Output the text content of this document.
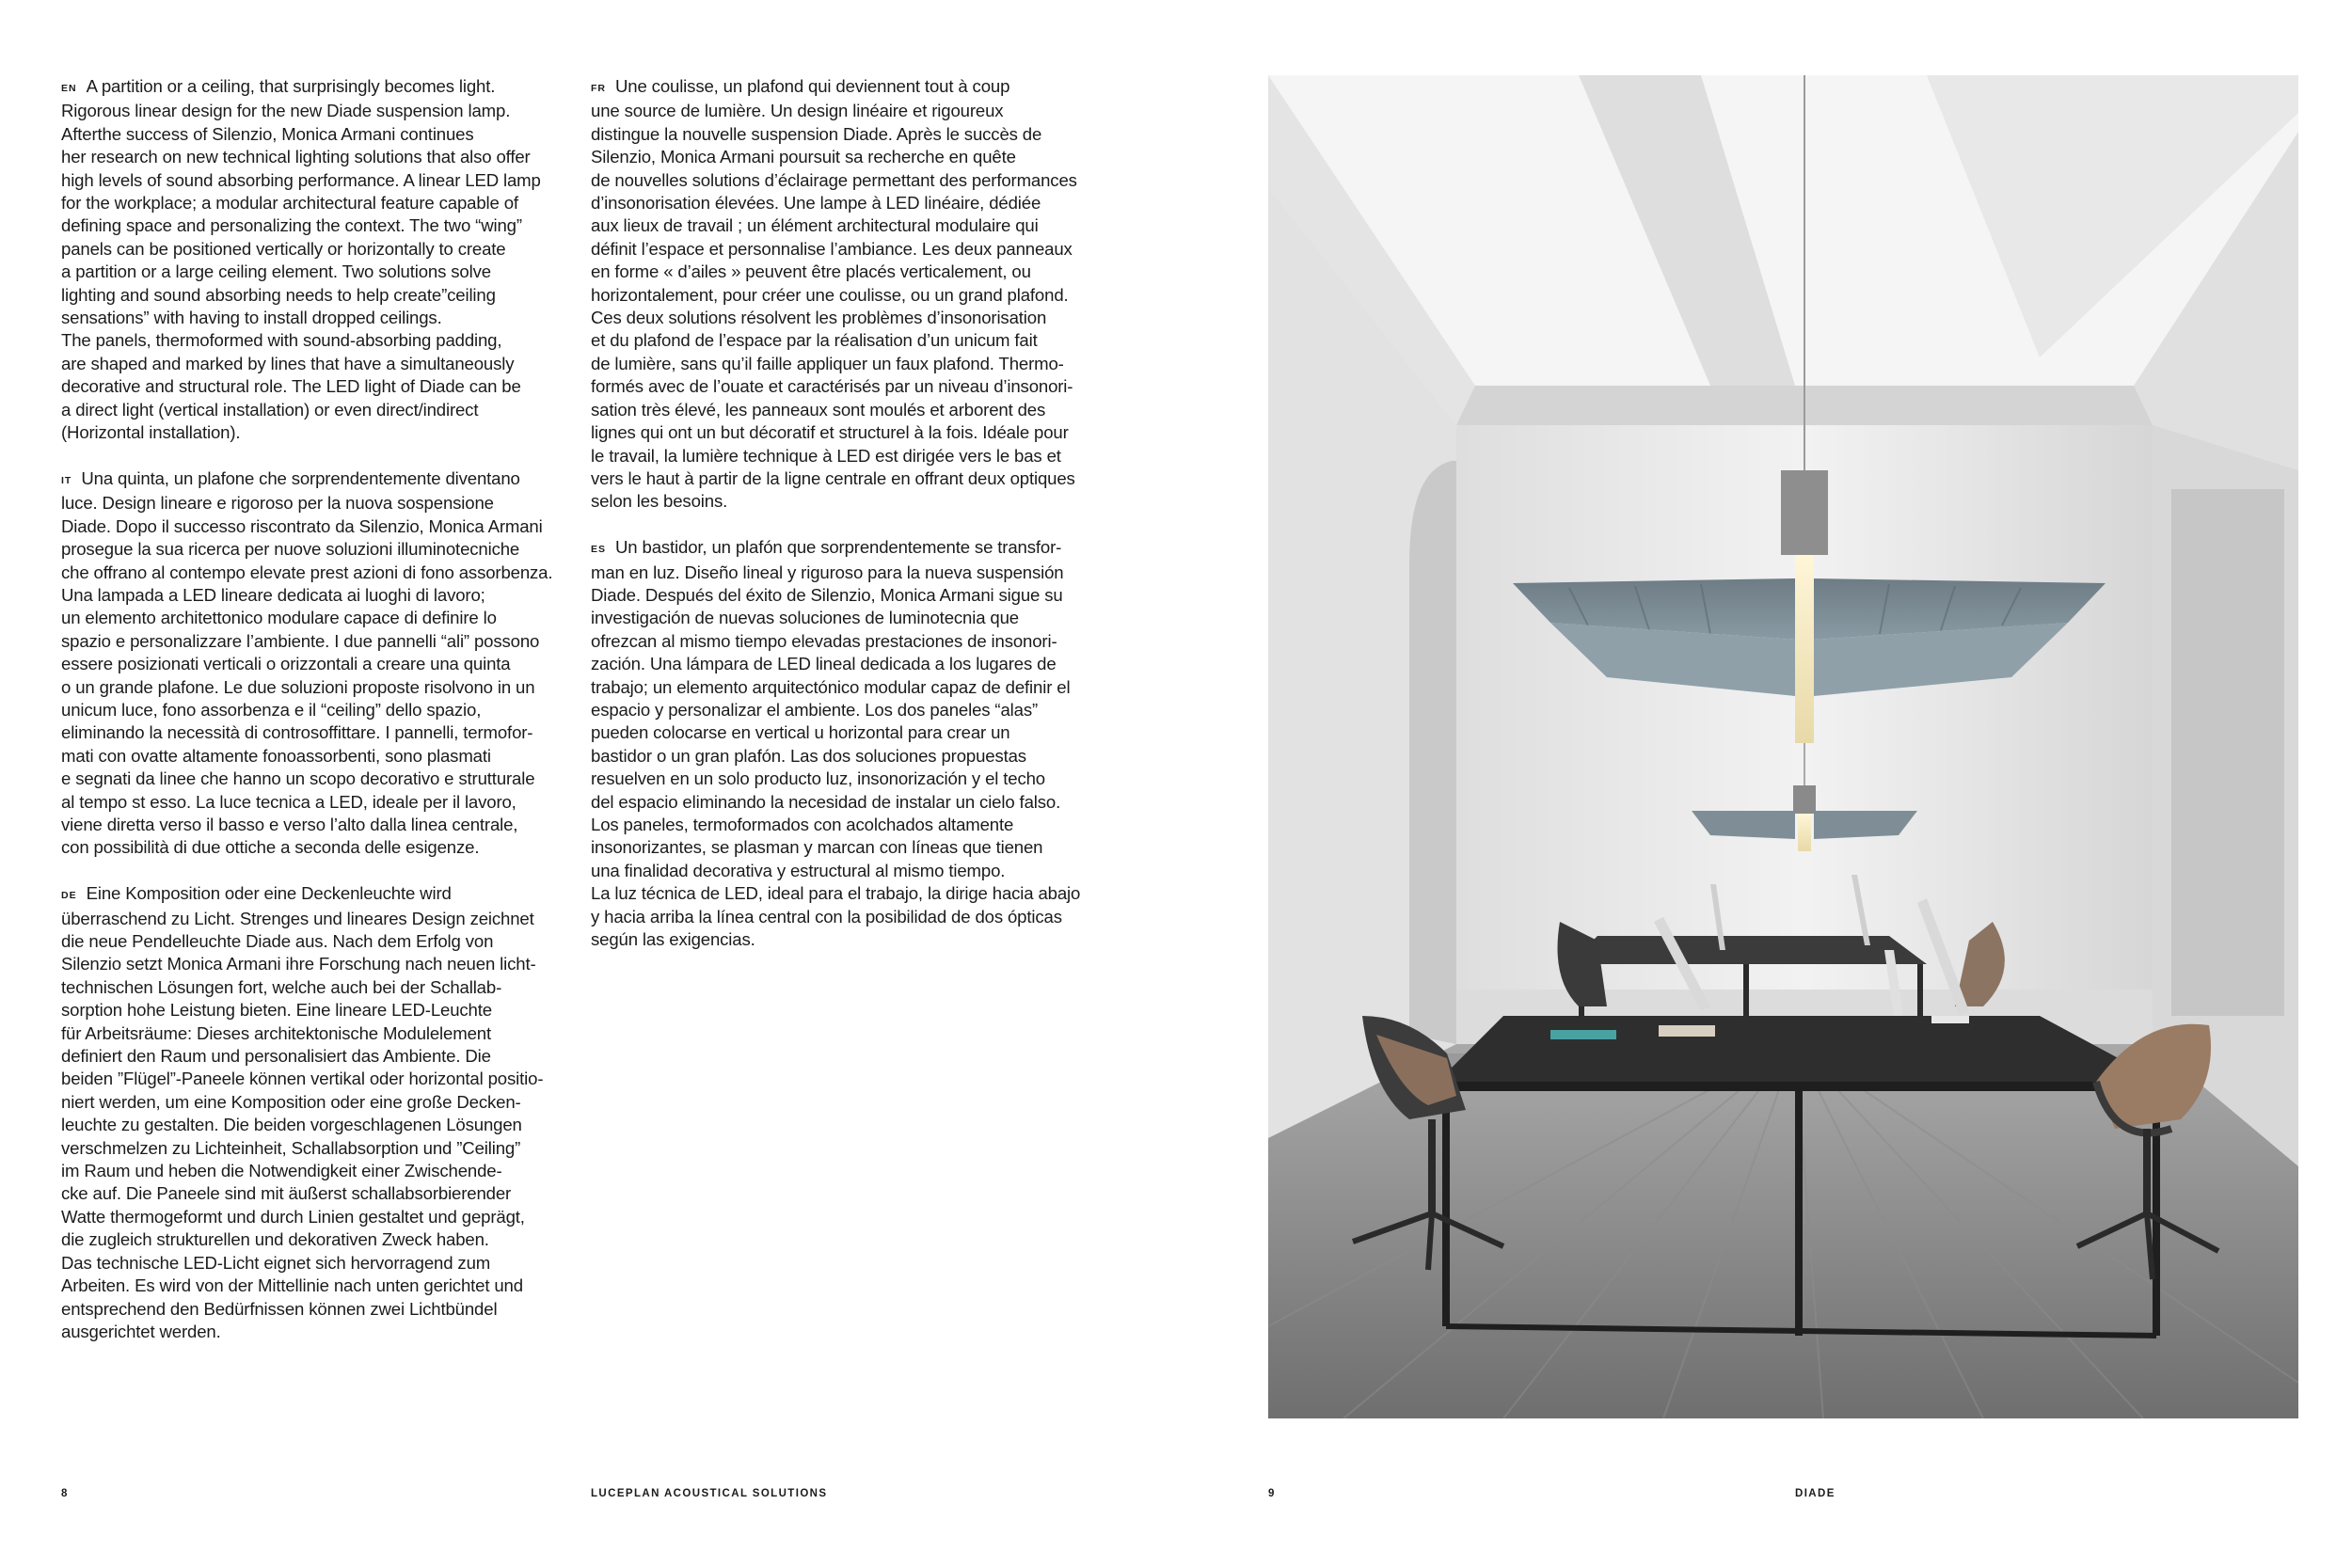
EN A partition or a ceiling, that surprisingly becomes light.
Rigorous linear design for the new Diade suspension lamp.
Afterthe success of Silenzio, Monica Armani continues
her research on new technical lighting solutions that also offer
high levels of sound absorbing performance. A linear LED lamp
for the workplace; a modular architectural feature capable of
defining space and personalizing the context. The two “wing”
panels can be positioned vertically or horizontally to create
a partition or a large ceiling element. Two solutions solve
lighting and sound absorbing needs to help create”ceiling
sensations” with having to install dropped ceilings.
The panels, thermoformed with sound-absorbing padding,
are shaped and marked by lines that have a simultaneously
decorative and structural role. The LED light of Diade can be
a direct light (vertical installation) or even direct/indirect
(Horizontal installation).

IT Una quinta, un plafone che sorprendentemente diventano
luce. Design lineare e rigoroso per la nuova sospensione
Diade. Dopo il successo riscontrato da Silenzio, Monica Armani
prosegue la sua ricerca per nuove soluzioni illuminotecniche
che offrano al contempo elevate prest azioni di fono assorbenza.
Una lampada a LED lineare dedicata ai luoghi di lavoro;
un elemento architettonico modulare capace di definire lo
spazio e personalizzare l’ambiente. I due pannelli “ali” possono
essere posizionati verticali o orizzontali a creare una quinta
o un grande plafone. Le due soluzioni proposte risolvono in un
unicum luce, fono assorbenza e il “ceiling” dello spazio,
eliminando la necessità di controsoffittare. I pannelli, termofor-
mati con ovatte altamente fonoassorbenti, sono plasmati
e segnati da linee che hanno un scopo decorativo e strutturale
al tempo st esso. La luce tecnica a LED, ideale per il lavoro,
viene diretta verso il basso e verso l’alto dalla linea centrale,
con possibilità di due ottiche a seconda delle esigenze.

DE Eine Komposition oder eine Deckenleuchte wird
überraschend zu Licht. Strenges und lineares Design zeichnet
die neue Pendelleuchte Diade aus. Nach dem Erfolg von
Silenzio setzt Monica Armani ihre Forschung nach neuen licht-
technischen Lösungen fort, welche auch bei der Schallab-
sorption hohe Leistung bieten. Eine lineare LED-Leuchte
für Arbeitsräume: Dieses architektonische Modulelement
definiert den Raum und personalisiert das Ambiente. Die
beiden ”Flügel”-Paneele können vertikal oder horizontal positio-
niert werden, um eine Komposition oder eine große Decken-
leuchte zu gestalten. Die beiden vorgeschlagenen Lösungen
verschmelzen zu Lichteinheit, Schallabsorption und ”Ceiling”
im Raum und heben die Notwendigkeit einer Zwischende-
cke auf. Die Paneele sind mit äußerst schallabsorbierender
Watte thermogeformt und durch Linien gestaltet und geprägt,
die zugleich strukturellen und dekorativen Zweck haben.
Das technische LED-Licht eignet sich hervorragend zum
Arbeiten. Es wird von der Mittellinie nach unten gerichtet und
entsprechend den Bedürfnissen können zwei Lichtbündel
ausgerichtet werden.

FR Une coulisse, un plafond qui deviennent tout à coup
une source de lumière. Un design linéaire et rigoureux
distingue la nouvelle suspension Diade. Après le succès de
Silenzio, Monica Armani poursuit sa recherche en quête
de nouvelles solutions d’éclairage permettant des performances
d’insonorisation élevées. Une lampe à LED linéaire, dédiée
aux lieux de travail ; un élément architectural modulaire qui
définit l’espace et personnalise l’ambiance. Les deux panneaux
en forme « d’ailes » peuvent être placés verticalement, ou
horizontalement, pour créer une coulisse, ou un grand plafond.
Ces deux solutions résolvent les problèmes d’insonorisation
et du plafond de l’espace par la réalisation d’un unicum fait
de lumière, sans qu’il faille appliquer un faux plafond. Thermo-
formés avec de l’ouate et caractérisés par un niveau d’insonori-
sation très élevé, les panneaux sont moulés et arborent des
lignes qui ont un but décoratif et structurel à la fois. Idéale pour
le travail, la lumière technique à LED est dirigée vers le bas et
vers le haut à partir de la ligne centrale en offrant deux optiques
selon les besoins.

ES Un bastidor, un plafón que sorprendentemente se transfor-
man en luz. Diseño lineal y riguroso para la nueva suspensión
Diade. Después del éxito de Silenzio, Monica Armani sigue su
investigación de nuevas soluciones de luminotecnia que
ofrezcan al mismo tiempo elevadas prestaciones de insonori-
zación. Una lámpara de LED lineal dedicada a los lugares de
trabajo; un elemento arquitectónico modular capaz de definir el
espacio y personalizar el ambiente. Los dos paneles “alas”
pueden colocarse en vertical u horizontal para crear un
bastidor o un gran plafón. Las dos soluciones propuestas
resuelven en un solo producto luz, insonorización y el techo
del espacio eliminando la necesidad de instalar un cielo falso.
Los paneles, termoformados con acolchados altamente
insonorizantes, se plasman y marcan con líneas que tienen
una finalidad decorativa y estructural al mismo tiempo.
La luz técnica de LED, ideal para el trabajo, la dirige hacia abajo
y hacia arriba la línea central con la posibilidad de dos ópticas
según las exigencias.

8	LUCEPLAN ACOUSTICAL SOLUTIONS	9	DIADE
